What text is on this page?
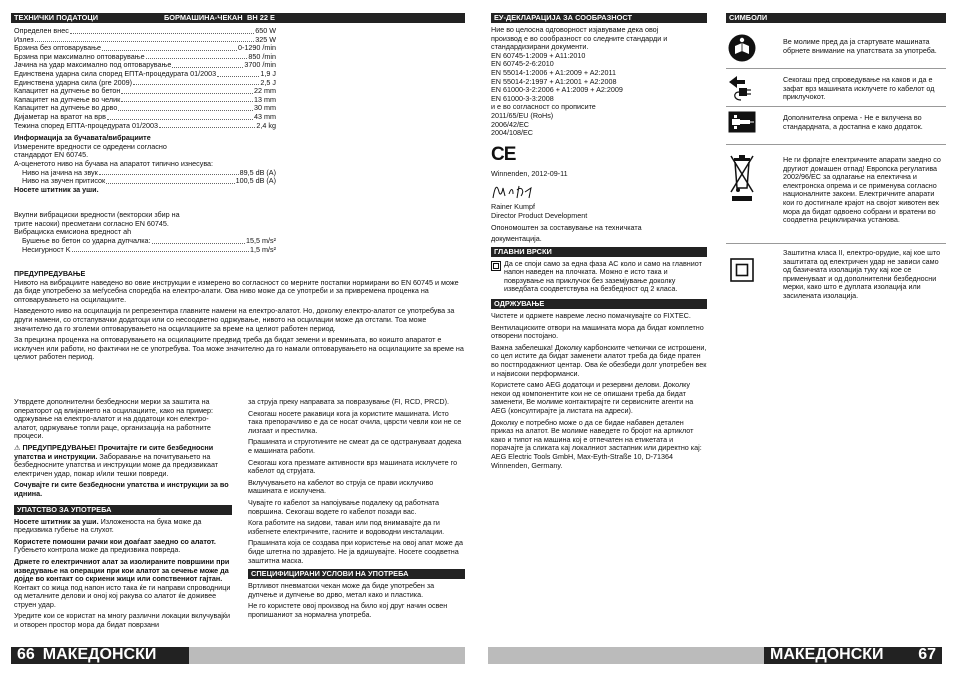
ТЕХНИЧКИ ПОДАТОЦИ	БОРМАШИНА-ЧЕКАН BH 22 E
Определен внес	650 W
Излез	325 W
Брзина без оптоварување	0-1290 /min
Брзина при максимално оптоварување	850 /min
Јачина на удар максимално под оптоварување	3700 /min
Единствена ударна сила според ЕПТА-процедурата 01/2003	1,9 J
Единствена ударна сила (pre 2009)	2,5 J
Капацитет на дупчење во бетон	22 mm
Капацитет на дупчење во челик	13 mm
Капацитет на дупчење во дрво	30 mm
Дијаметар на вратот на врв	43 mm
Тежина според ЕПТА-процедурата 01/2003	2,4 kg
Информација за бучавата/вибрациите
Измерените вредности се одредени согласно
стандардот EN 60745.
А-оценетото ниво на бучава на апаратот типично изнесува:
Ниво на јачина на звук	89,5 dB (A)
Ниво на звучен притисок	100,5 dB (A)
Носете штитник за уши.
Вкупни вибрациски вредности (векторски збир на
трите насоки) пресметани согласно EN 60745.
Вибрациска емисиона вредност ah
Бушење во бетон со ударна дупчалка:	15,5 m/s²
Несигурност K	1,5 m/s²
ПРЕДУПРЕДУВАЊЕ
Нивото на вибрациите наведено во овие инструкции е измерено во согласност со мерните постапки нормирани во EN 60745 и може да биде употребено за меѓусебна споредба на електро-алати. Ова ниво може да се употреби и за привремена проценка на оптоварувањето на осцилациите.
Наведеното ниво на осцилација ги репрезентира главните намени на електро-алатот. Но, доколку електро-алатот се употребува за други намени, со отстапувачки додатоци или со несоодветно одржување, нивото на осцилации може да отстапи. Тоа може значително да го зголеми оптоварувањето на осцилациите за време на целиот работен период.
За прецизна проценка на оптоварувањето на осцилациите предвид треба да бидат земени и времињата, во коишто апаратот е исклучен или работи, но фактички не се употребува. Тоа може значително да го намали оптоварувањето на осцилациите за време на целиот работен период.
Утврдете дополнителни безбедносни мерки за заштита на операторот од влијанието на осцилациите, како на пример: одржување на електро-алатот и на додатоци кон електро-алатот, одржување топли раце, организација на работните процеси.
⚠ ПРЕДУПРЕДУВАЊЕ! Прочитајте ги сите безбедносни упатства и инструкции. Заборавање на почитувањето на безбедносните упатства и инструкции може да предизвикаат електричен удар, пожар и/или тешки повреди.
Сочувајте ги сите безбедносни упатства и инструкции за во иднина.
УПАТСТВО ЗА УПОТРЕБА
Носете штитник за уши. Изложеноста на бука може да предизвика губење на слухот.
Користете помошни рачки кои доаѓаат заедно со алатот. Губењето контрола може да предизвика повреда.
Држете го електричниот алат за изолираните површини при изведување на операции при кои алатот за сечење може да дојде во контакт со скриени жици или сопствениот гајтан. Контакт со жица под напон исто така ќе ги направи спроводници од металните делови и оној кој ракува со алатот ќе доживее струен удар.
Уредите кои се користат на многу различни локации вклучувајќи и отворен простор мора да бидат поврзани
за струја преку направата за повразување (FI, RCD, PRCD).
Секогаш носете ракавици кога ја користите машината. Исто така препорачливо е да се носат очила, цврсти чевли кои не се лизгаат и престилка.
Прашината и струготините не смеат да се одстрануваат додека е машината работи.
Секогаш кога презмате активности врз машината исклучете го кабелот од струјата.
Вклучувањето на кабелот во струја се прави исклучиво машината е исклучена.
Чувајте го кабелот за напојување подалеку од работната површина. Секогаш водете го кабелот позади вас.
Кога работите на ѕидови, таван или под внимавајте да ги избегнете електричните, гасните и водоводни инсталации.
Прашината која се создава при користење на овој апат може да биде штетна по здравјето. Не ја вдишувајте. Носете соодветна заштитна маска.
СПЕЦИФИЦИРАНИ УСЛОВИ НА УПОТРЕБА
Вртливот пневматски чекан може да биде употребен за дупчење и дупчење во дрво, метал како и пластика.
Не го користете овој производ на било кој друг начин освен пропишаниот за нормална употреба.
66 МАКЕДОНСКИ
ЕУ-ДЕКЛАРАЦИЈА ЗА СООБРАЗНОСТ
Ние во целосна одговорност изјавуваме дека овој
производ е во сообразност со следните стандарди и
стандардизирани документи.
EN 60745-1:2009 + A11:2010
EN 60745-2-6:2010
EN 55014-1:2006 + A1:2009 + A2:2011
EN 55014-2:1997 + A1:2001 + A2:2008
EN 61000-3-2:2006 + A1:2009 + A2:2009
EN 61000-3-3:2008
и е во согласност со прописите
2011/65/EU (RoHs)
2006/42/EC
2004/108/EC
CE
Winnenden, 2012-09-11
Rainer Kumpf
Director Product Development
Опономоштен за составување на техничката
документација.
ГЛАВНИ ВРСКИ
Да се споји само за една фаза AC коло и само на главниот напон наведен на плочката. Можно е исто така и поврзување на приклучок без заземјување доколку изведбата соодветствува на безбедност од 2 класа.
ОДРЖУВАЊЕ
Чистете и одржете навреме лесно помачкувајте со FIXTEC.
Вентилациските отвори на машината мора да бидат комплетно отворени постојано.
Важна забелешка! Доколку карбонските четкички се истрошени, со цел истите да бидат заменети алатот треба да биде пратен во постпродажниот центар. Ова ќе обезбеди долг употребен век и највисоки перформанси.
Користете само AEG додатоци и резервни делови. Доколку некои од компонентите кои не се опишани треба да бидат заменети, Ве молиме контактирајте ги сервисните агенти на AEG (консултирајте ја листата на адреси).
Доколку е потребно може о да се бидае набавен детален приказ на алатот. Ве молиме наведете го бројот на артиклот како и типот на машина кој е отпечатен на етикетата и порачајте ја сликата кај локалниот застапник или директно кај: AEG Electric Tools GmbH, Max-Eyth-Straße 10, D-71364 Winnenden, Germany.
СИМБОЛИ
МАКЕДОНСКИ 67
Ве молиме пред да ја стартувате машината обрнете внимание на упатствата за употреба.
Секогаш пред спроведување на каков и да е зафат врз машината исклучете го кабелот од приклучокот.
Дополнителна опрема - Не е вклучена во стандардната, а достапна е како додаток.
Не ги фрлајте електричните апарати заедно со другиот домашен отпад! Европска регулатива 2002/96/EC за одлагање на електична и електронска опрема и се применува согласно националните закони. Електричните апарати кои го достигнале крајот на својот животен век мора да бидат одвоено собрани и вратени во соодветна рециклирачка установа.
Заштитна класа II, електро-орудие, кај кое што заштитата од електричен удар не зависи само од базичната изолација туку кај кое се применуваат и од дополнителни безбедносни мерки, како што е дуплата изолација или засилената изолација.
